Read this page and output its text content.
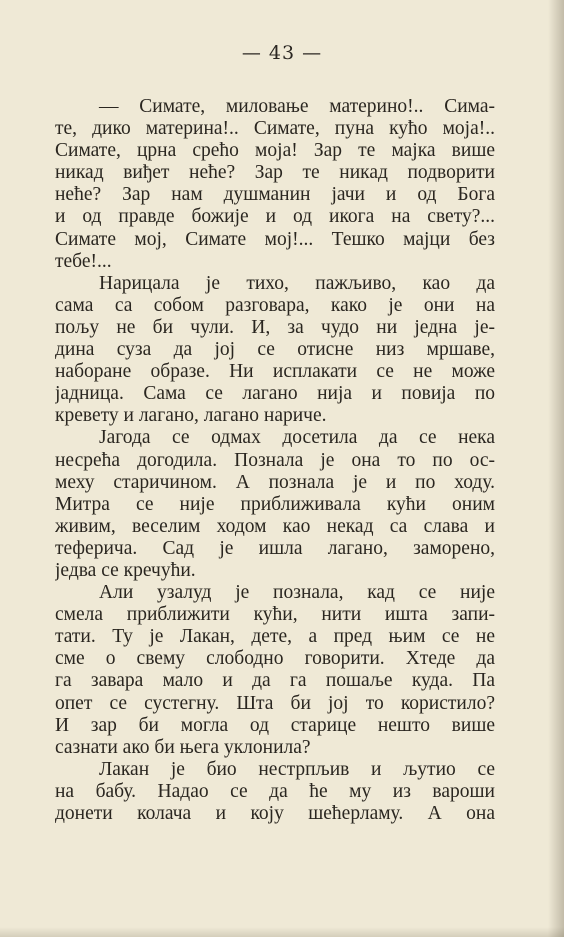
— 43 —
— Симате, миловање материно!.. Сима-
те, дико материна!.. Симате, пуна кућо моја!..
Симате, црна срећо моја! Зар те мајка више
никад виђет неће? Зар те никад подворити
неће? Зар нам душманин јачи и од Бога
и од правде божије и од икога на свету?...
Симате мој, Симате мој!... Тешко мајци без
тебе!...
Нарицала је тихо, пажљиво, као да
сама са собом разговара, како је они на
пољу не би чули. И, за чудо ни једна је-
дина суза да јој се отисне низ мршаве,
наборане образе. Ни исплакати се не може
јадница. Сама се лагано нија и повија по
кревету и лагано, лагано нариче.
Јагода се одмах досетила да се нека
несрећа догодила. Познала је она то по ос-
меху старичином. А познала је и по ходу.
Митра се није приближивала кући оним
живим, веселим ходом као некад са слава и
теферича. Сад је ишла лагано, заморено,
једва се кречући.
Али узалуд је познала, кад се није
смела приближити кући, нити ишта запи-
тати. Ту је Лакан, дете, а пред њим се не
сме о свему слободно говорити. Хтеде да
га завара мало и да га пошаље куда. Па
опет се сустегну. Шта би јој то користило?
И зар би могла од старице нешто више
сазнати ако би њега уклонила?
Лакан је био нестрпљив и љутио се
на бабу. Надао се да ће му из вароши
донети колача и коју шећерламу. А она
